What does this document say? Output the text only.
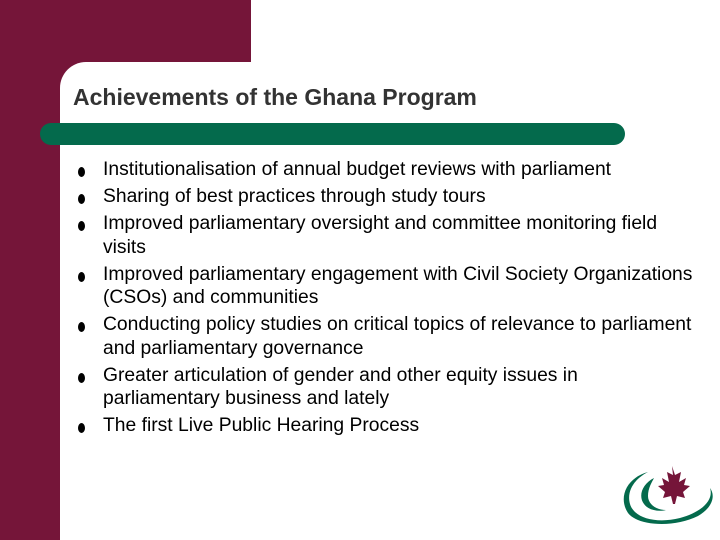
Achievements of the Ghana Program
Institutionalisation of annual budget reviews with parliament
Sharing of best practices through study tours
Improved parliamentary oversight and committee monitoring field visits
Improved parliamentary engagement with Civil Society Organizations (CSOs) and communities
Conducting policy studies on critical topics of relevance to parliament and parliamentary governance
Greater articulation of gender and other equity issues in parliamentary business and lately
The first Live Public Hearing Process
